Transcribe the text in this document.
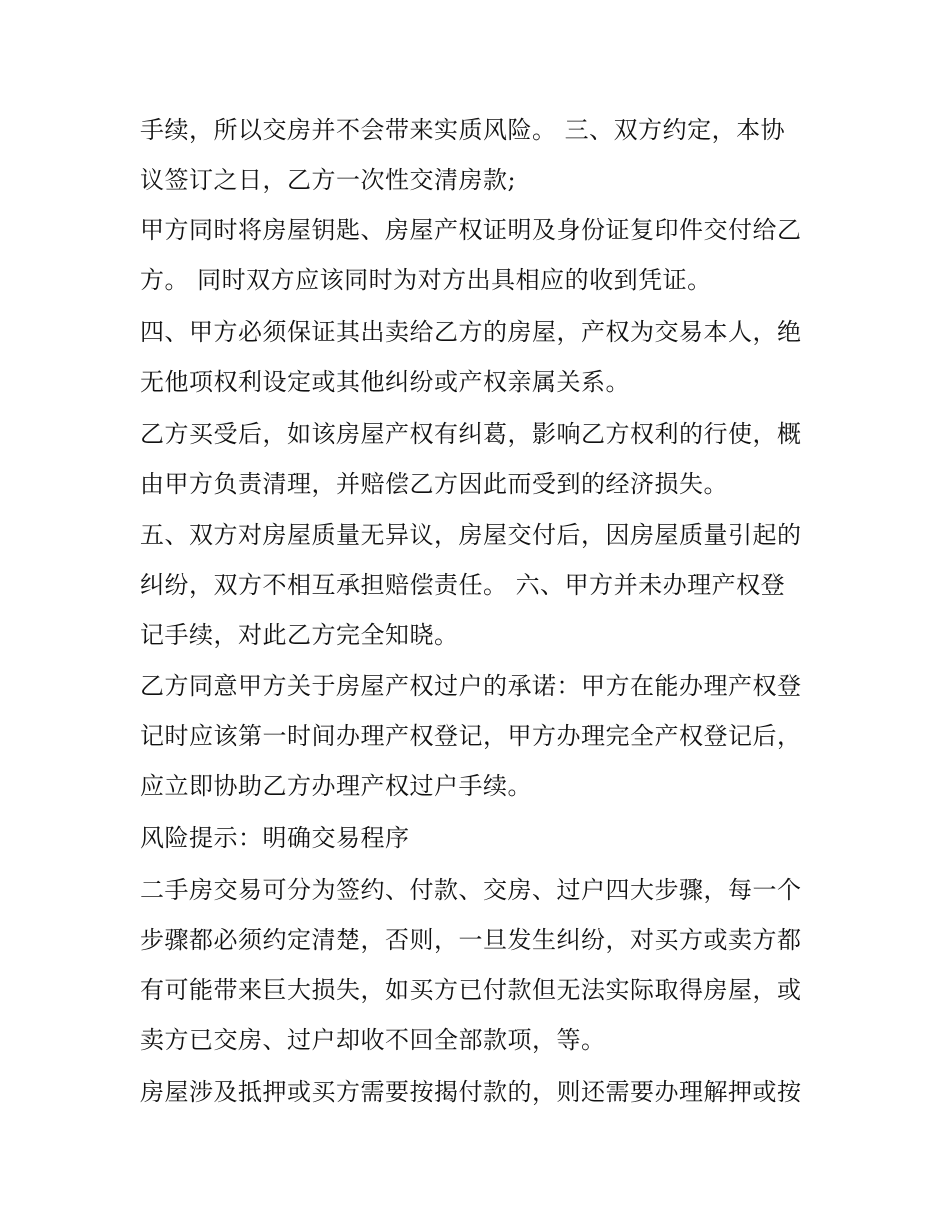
手续，所以交房并不会带来实质风险。 三、双方约定，本协
议签订之日，乙方一次性交清房款;
甲方同时将房屋钥匙、房屋产权证明及身份证复印件交付给乙
方。 同时双方应该同时为对方出具相应的收到凭证。
四、甲方必须保证其出卖给乙方的房屋，产权为交易本人，绝
无他项权利设定或其他纠纷或产权亲属关系。
乙方买受后，如该房屋产权有纠葛，影响乙方权利的行使，概
由甲方负责清理，并赔偿乙方因此而受到的经济损失。
五、双方对房屋质量无异议，房屋交付后，因房屋质量引起的
纠纷，双方不相互承担赔偿责任。 六、甲方并未办理产权登
记手续，对此乙方完全知晓。
乙方同意甲方关于房屋产权过户的承诺：甲方在能办理产权登
记时应该第一时间办理产权登记，甲方办理完全产权登记后，
应立即协助乙方办理产权过户手续。
风险提示：明确交易程序
二手房交易可分为签约、付款、交房、过户四大步骤，每一个
步骤都必须约定清楚，否则，一旦发生纠纷，对买方或卖方都
有可能带来巨大损失，如买方已付款但无法实际取得房屋，或
卖方已交房、过户却收不回全部款项，等。
房屋涉及抵押或买方需要按揭付款的，则还需要办理解押或按
